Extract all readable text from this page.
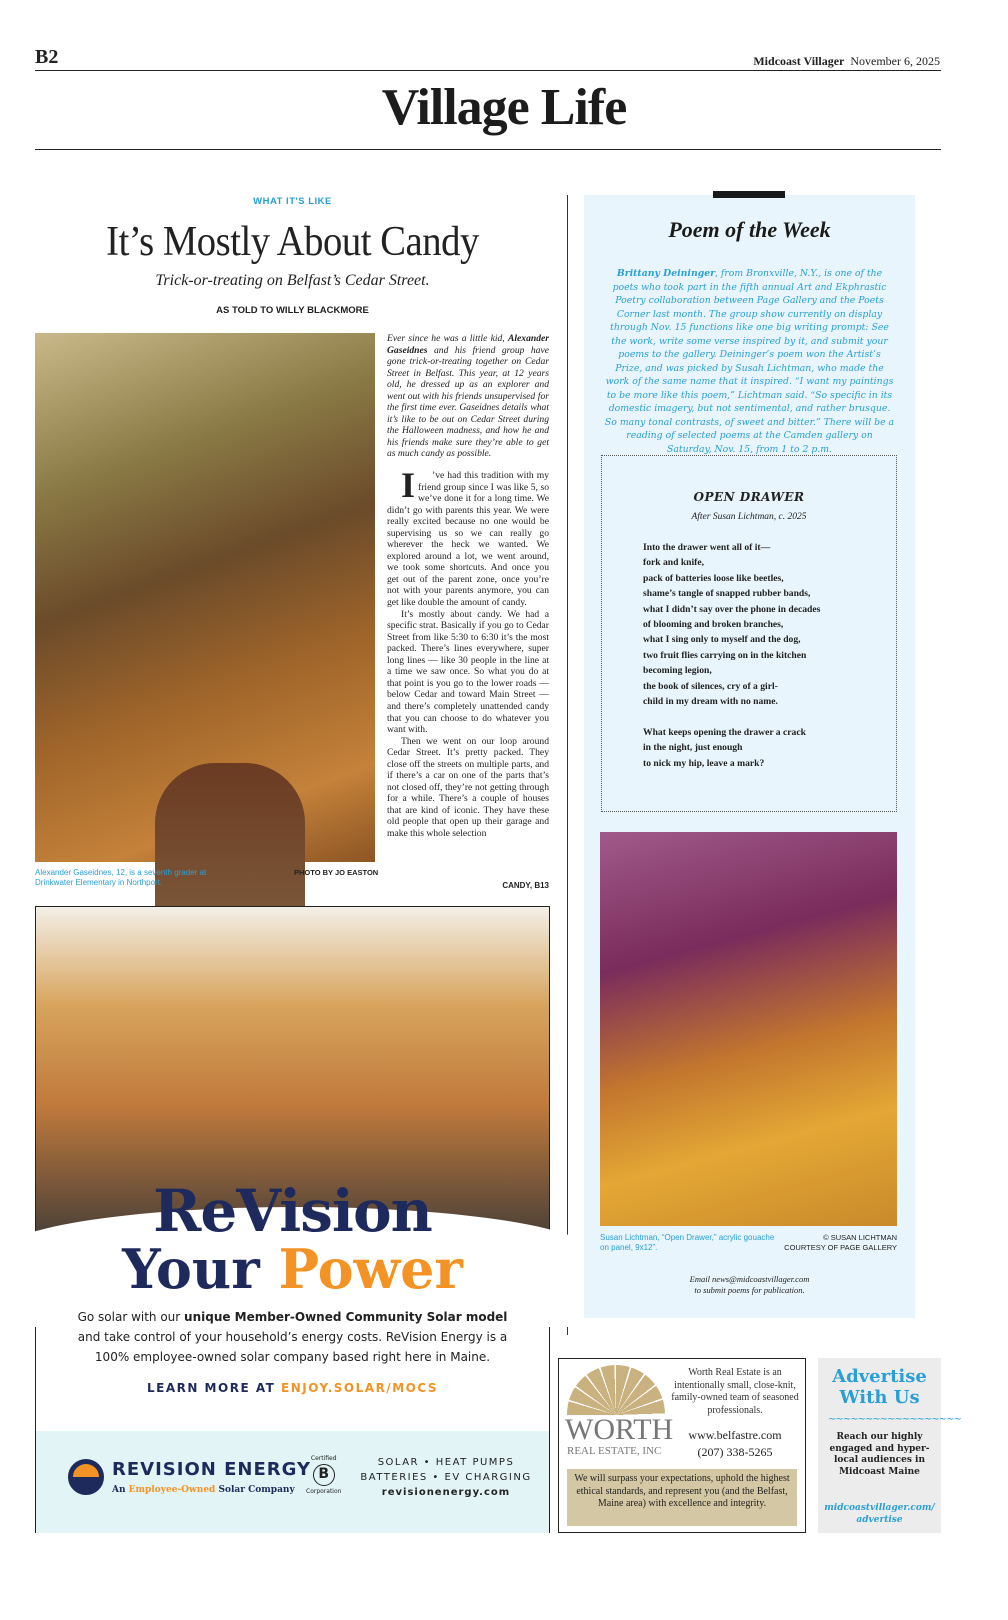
B2	Midcoast Villager November 6, 2025
Village Life
WHAT IT'S LIKE
It’s Mostly About Candy
Trick-or-treating on Belfast’s Cedar Street.
AS TOLD TO WILLY BLACKMORE
Alexander Gaseidnes, 12, is a seventh grader at Drinkwater Elementary in Northport.
PHOTO BY JO EASTON

Ever since he was a little kid, Alexander Gaseidnes and his friend group have gone trick-or-treating together on Cedar Street in Belfast. This year, at 12 years old, he dressed up as an explorer and went out with his friends unsupervised for the first time ever. Gaseidnes details what it’s like to be out on Cedar Street during the Halloween madness, and how he and his friends make sure they’re able to get as much candy as possible.

I ’ve had this tradition with my friend group since I was like 5, so we’ve done it for a long time. We didn’t go with parents this year. We were really excited because no one would be supervising us so we can really go wherever the heck we wanted. We explored around a lot, we went around, we took some shortcuts. And once you get out of the parent zone, once you’re not with your parents anymore, you can get like double the amount of candy.

It’s mostly about candy. We had a specific strat. Basically if you go to Cedar Street from like 5:30 to 6:30 it’s the most packed. There’s lines everywhere, super long lines — like 30 people in the line at a time we saw once. So what you do at that point is you go to the lower roads — below Cedar and toward Main Street — and there’s completely unattended candy that you can choose to do whatever you want with.

Then we went on our loop around Cedar Street. It’s pretty packed. They close off the streets on multiple parts, and if there’s a car on one of the parts that’s not closed off, they’re not getting through for a while. There’s a couple of houses that are kind of iconic. They have these old people that open up their garage and make this whole selection

CANDY, B13
ReVision
Your Power
Go solar with our unique Member-Owned Community Solar model and take control of your household’s energy costs. ReVision Energy is a 100% employee-owned solar company based right here in Maine.
LEARN MORE AT ENJOY.SOLAR/MOCS
REVISION ENERGY
An Employee-Owned Solar Company
Certified
B
Corporation
SOLAR • HEAT PUMPS
BATTERIES • EV CHARGING
revisionenergy.com
Poem of the Week
Brittany Deininger, from Bronxville, N.Y., is one of the poets who took part in the fifth annual Art and Ekphrastic Poetry collaboration between Page Gallery and the Poets Corner last month. The group show currently on display through Nov. 15 functions like one big writing prompt: See the work, write some verse inspired by it, and submit your poems to the gallery. Deininger’s poem won the Artist’s Prize, and was picked by Susah Lichtman, who made the work of the same name that it inspired. “I want my paintings to be more like this poem,” Lichtman said. “So specific in its domestic imagery, but not sentimental, and rather brusque. So many tonal contrasts, of sweet and bitter.” There will be a reading of selected poems at the Camden gallery on Saturday, Nov. 15, from 1 to 2 p.m.
OPEN DRAWER
After Susan Lichtman, c. 2025
Into the drawer went all of it—
fork and knife,
pack of batteries loose like beetles,
shame’s tangle of snapped rubber bands,
what I didn’t say over the phone in decades
of blooming and broken branches,
what I sing only to myself and the dog,
two fruit flies carrying on in the kitchen
becoming legion,
the book of silences, cry of a girl-
child in my dream with no name.
What keeps opening the drawer a crack
in the night, just enough
to nick my hip, leave a mark?
Susan Lichtman, “Open Drawer,” acrylic gouache on panel, 9x12”.
© SUSAN LICHTMAN
COURTESY OF PAGE GALLERY
Email news@midcoastvillager.com
to submit poems for publication.
WORTH
REAL ESTATE, INC
Worth Real Estate is an intentionally small, close-knit, family-owned team of seasoned professionals.
www.belfastre.com
(207) 338-5265
We will surpass your expectations, uphold the highest ethical standards, and represent you (and the Belfast, Maine area) with excellence and integrity.
Advertise With Us
∼∼∼∼∼∼∼∼∼∼∼∼∼∼∼∼∼∼
Reach our highly engaged and hyper-local audiences in Midcoast Maine
midcoastvillager.com/ advertise
